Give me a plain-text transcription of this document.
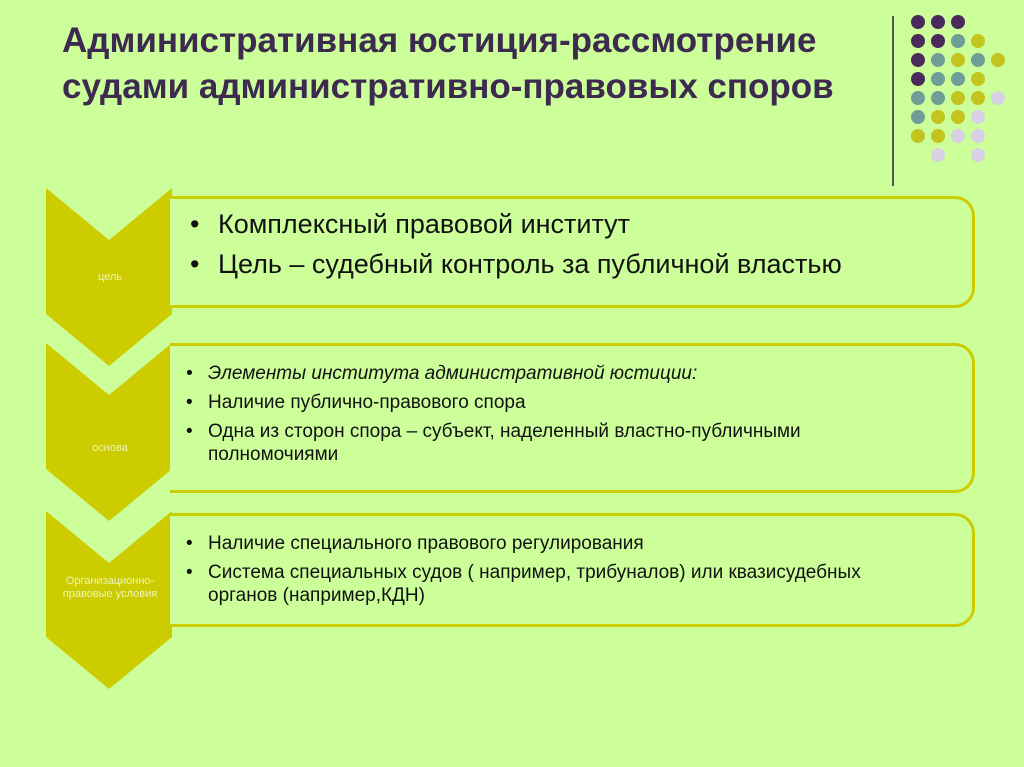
Административная юстиция-рассмотрение судами административно-правовых споров
цель
• Комплексный правовой институт
• Цель – судебный контроль за публичной властью
основа
• Элементы института административной юстиции:
• Наличие публично-правового спора
• Одна из сторон спора – субъект, наделенный властно-публичными полномочиями
Организационно-правовые условия
• Наличие специального правового регулирования
• Система специальных судов ( например, трибуналов) или квазисудебных органов (например,КДН)
